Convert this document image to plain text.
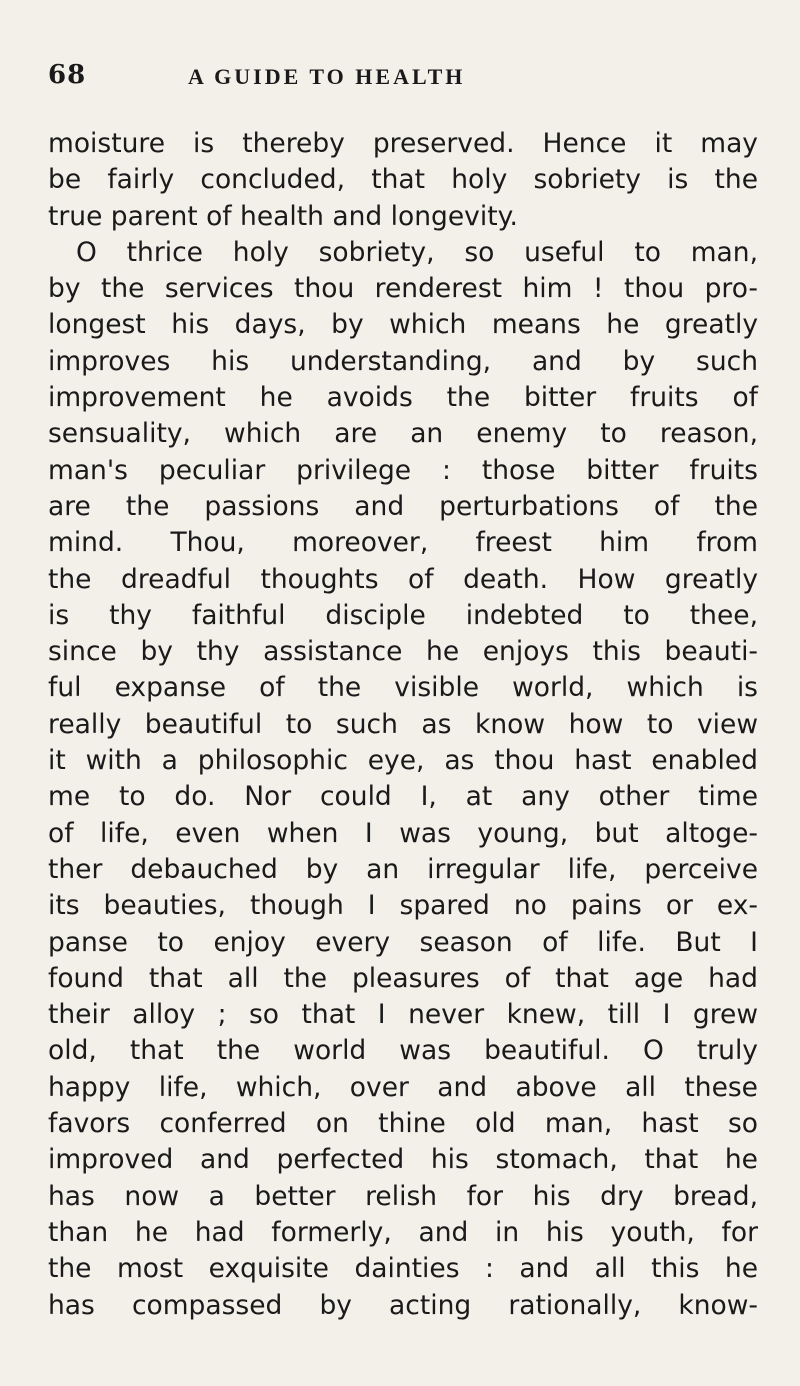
68	A GUIDE TO HEALTH
moisture is thereby preserved. Hence it may
be fairly concluded, that holy sobriety is the
true parent of health and longevity.
O thrice holy sobriety, so useful to man,
by the services thou renderest him ! thou pro-
longest his days, by which means he greatly
improves his understanding, and by such
improvement he avoids the bitter fruits of
sensuality, which are an enemy to reason,
man's peculiar privilege : those bitter fruits
are the passions and perturbations of the
mind. Thou, moreover, freest him from
the dreadful thoughts of death. How greatly
is thy faithful disciple indebted to thee,
since by thy assistance he enjoys this beauti-
ful expanse of the visible world, which is
really beautiful to such as know how to view
it with a philosophic eye, as thou hast enabled
me to do. Nor could I, at any other time
of life, even when I was young, but altoge-
ther debauched by an irregular life, perceive
its beauties, though I spared no pains or ex-
panse to enjoy every season of life. But I
found that all the pleasures of that age had
their alloy ; so that I never knew, till I grew
old, that the world was beautiful. O truly
happy life, which, over and above all these
favors conferred on thine old man, hast so
improved and perfected his stomach, that he
has now a better relish for his dry bread,
than he had formerly, and in his youth, for
the most exquisite dainties : and all this he
has compassed by acting rationally, know-
